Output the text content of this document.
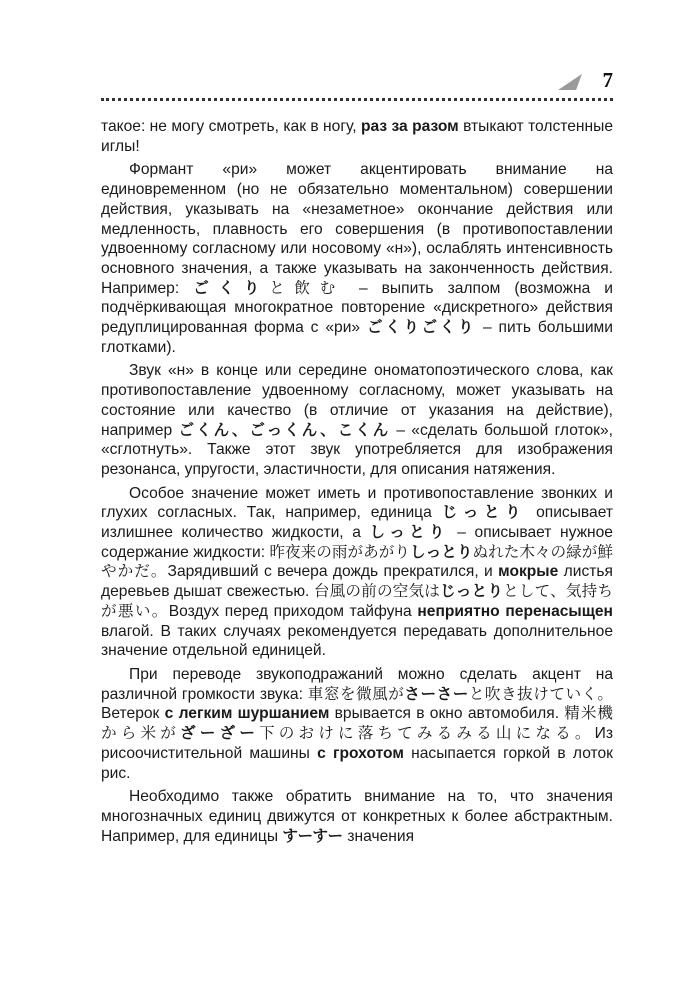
7

такое: не могу смотреть, как в ногу, раз за разом втыкают толстенные иглы!

Формант «ри» может акцентировать внимание на единовременном (но не обязательно моментальном) совершении действия, указывать на «незаметное» окончание действия или медленность, плавность его совершения (в противопоставлении удвоенному согласному или носовому «н»), ослаблять интенсивность основного значения, а также указывать на законченность действия. Например: ごくりと飲む – выпить залпом (возможна и подчёркивающая многократное повторение «дискретного» действия редуплицированная форма с «ри» ごくりごくり – пить большими глотками).

Звук «н» в конце или середине ономатопоэтического слова, как противопоставление удвоенному согласному, может указывать на состояние или качество (в отличие от указания на действие), например ごくん、ごっくん、こくん – «сделать большой глоток», «сглотнуть». Также этот звук употребляется для изображения резонанса, упругости, эластичности, для описания натяжения.

Особое значение может иметь и противопоставление звонких и глухих согласных. Так, например, единица じっとり описывает излишнее количество жидкости, а しっとり – описывает нужное содержание жидкости: 昨夜来の雨があがりしっとりぬれた木々の緑が鮮やかだ。Зарядивший с вечера дождь прекратился, и мокрые листья деревьев дышат свежестью. 台風の前の空気はじっとりとして、気持ちが悪い。Воздух перед приходом тайфуна неприятно перенасыщен влагой. В таких случаях рекомендуется передавать дополнительное значение отдельной единицей.

При переводе звукоподражаний можно сделать акцент на различной громкости звука: 車窓を微風がさーさーと吹き抜けていく。Ветерок с легким шуршанием врывается в окно автомобиля. 精米機から米がざーざー下のおけに落ちてみるみる山になる。Из рисоочистительной машины с грохотом насыпается горкой в лоток рис.

Необходимо также обратить внимание на то, что значения многозначных единиц движутся от конкретных к более абстрактным. Например, для единицы すーすー значения
